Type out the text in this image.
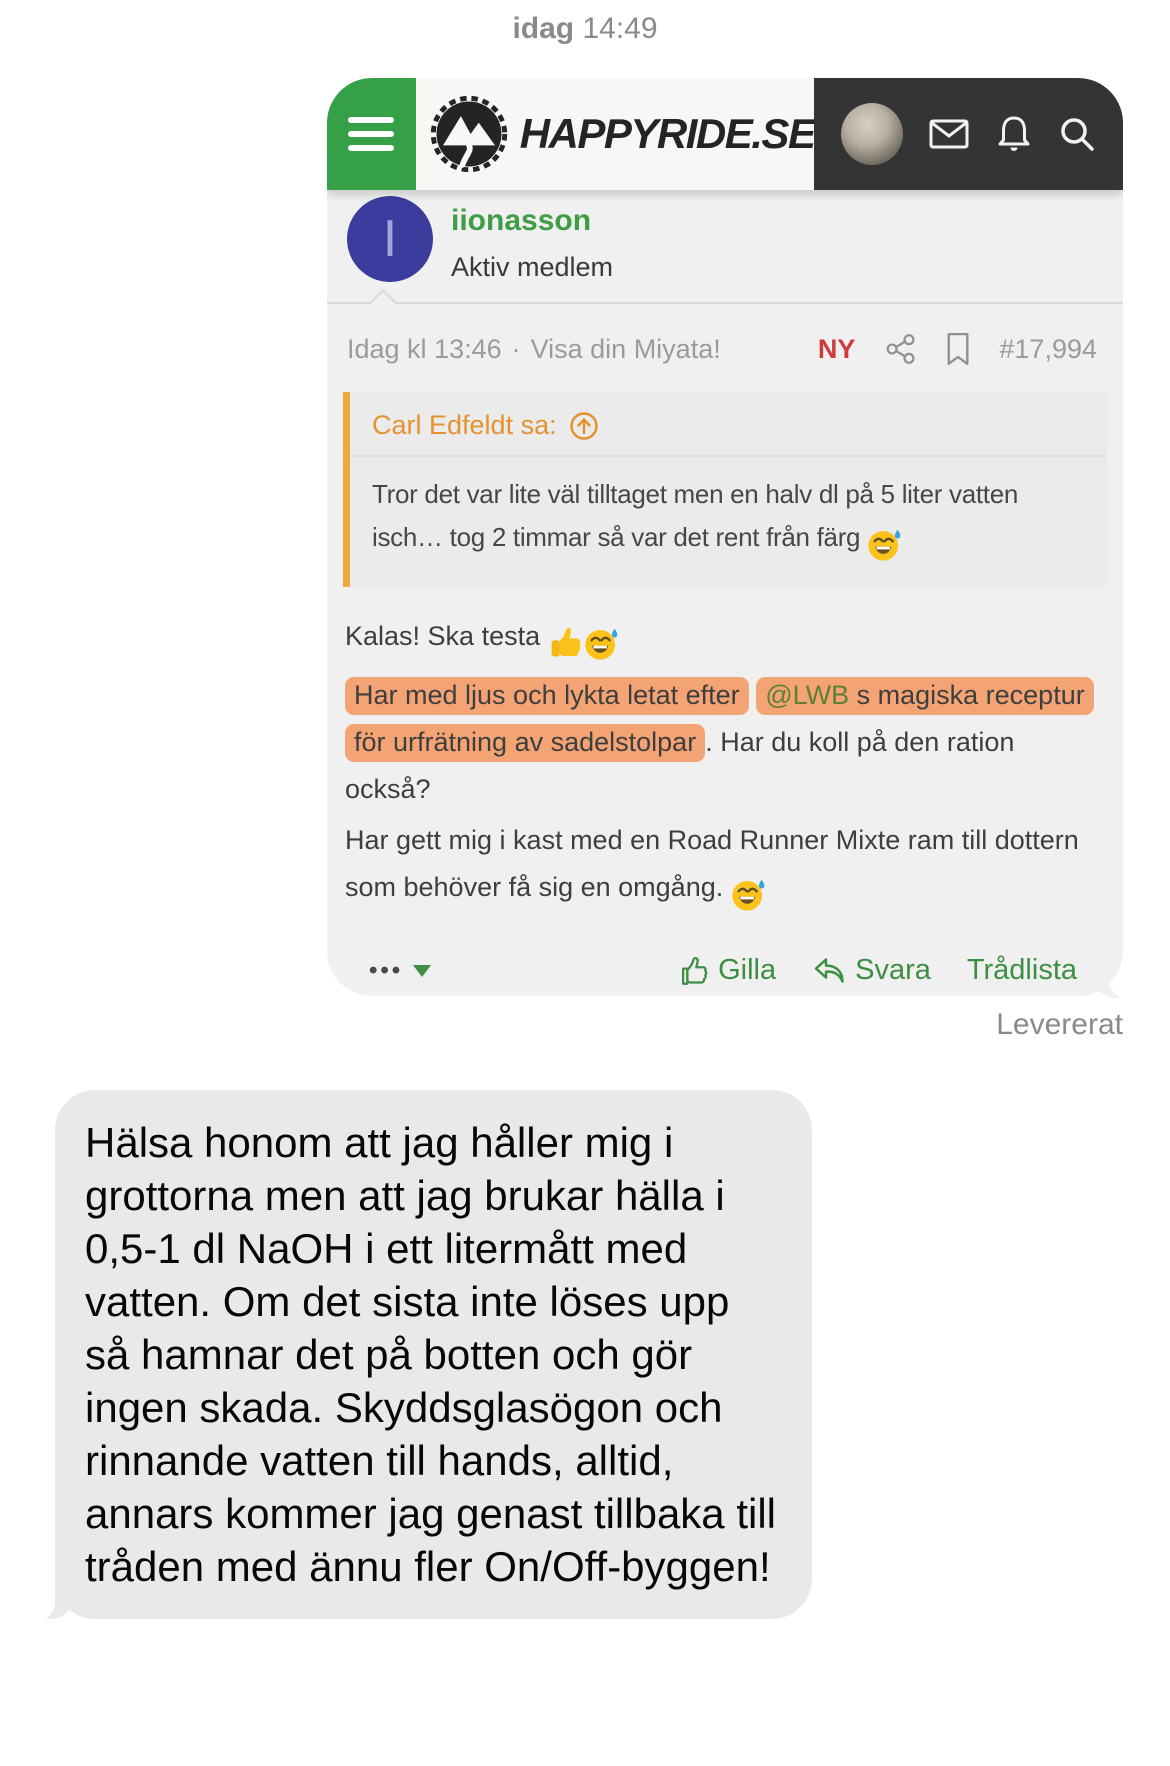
idag 14:49
HAPPYRIDE.SE
I iionasson
Aktiv medlem
Idag kl 13:46 · Visa din Miyata!	NY	#17,994
Carl Edfeldt sa:
Tror det var lite väl tilltaget men en halv dl på 5 liter vatten isch… tog 2 timmar så var det rent från färg

Kalas! Ska testa

Har med ljus och lykta letat efter @LWB s magiska receptur för urfrätning av sadelstolpar . Har du koll på den ration också?

Har gett mig i kast med en Road Runner Mixte ram till dottern som behöver få sig en omgång.

•••	Gilla	Svara Trådlista
Levererat
Hälsa honom att jag håller mig i grottorna men att jag brukar hälla i 0,5-1 dl NaOH i ett litermått med vatten. Om det sista inte löses upp så hamnar det på botten och gör ingen skada. Skyddsglasögon och rinnande vatten till hands, alltid, annars kommer jag genast tillbaka till tråden med ännu fler On/Off-byggen!
